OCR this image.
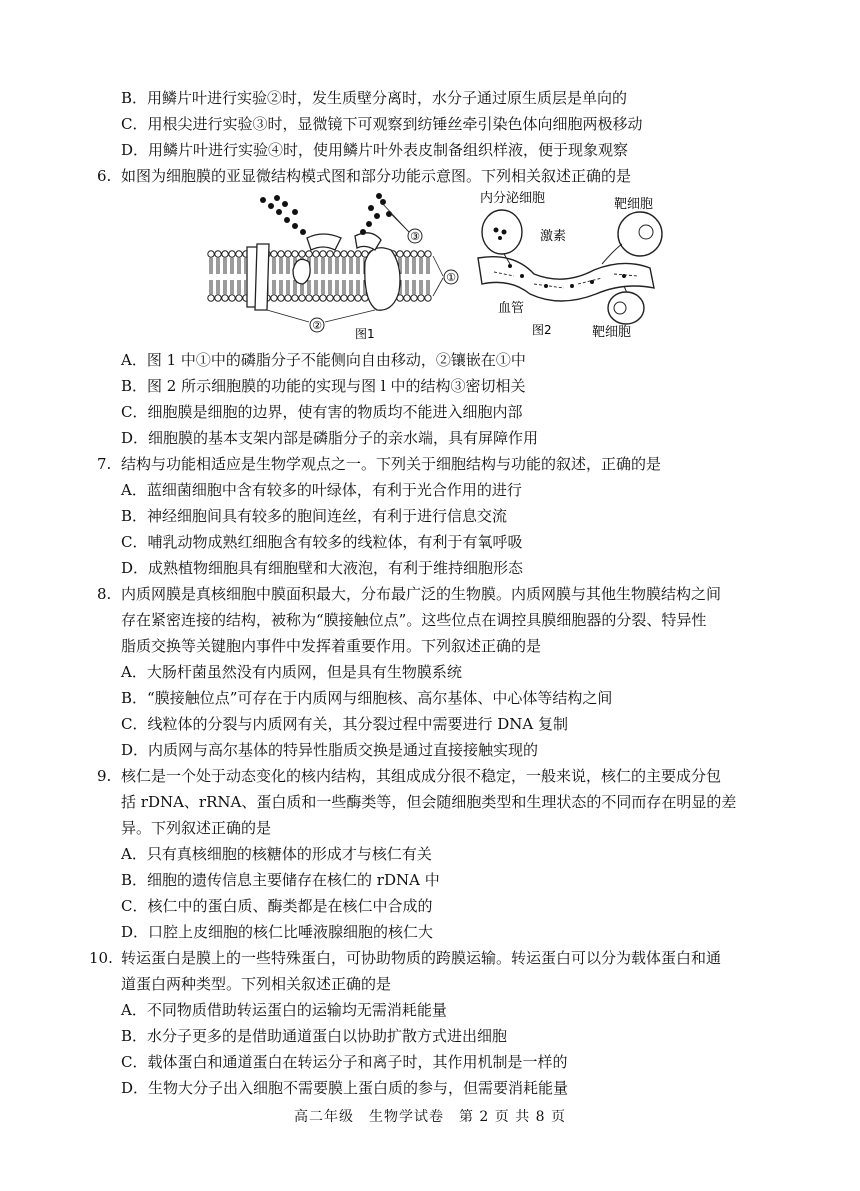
B．用鳞片叶进行实验②时，发生质壁分离时，水分子通过原生质层是单向的
C．用根尖进行实验③时，显微镜下可观察到纺锤丝牵引染色体向细胞两极移动
D．用鳞片叶进行实验④时，使用鳞片叶外表皮制备组织样液，便于现象观察
6. 如图为细胞膜的亚显微结构模式图和部分功能示意图。下列相关叙述正确的是
③
①
②
图1
内分泌细胞	靶细胞
激素
血管
图2	靶细胞
A．图 1 中①中的磷脂分子不能侧向自由移动，②镶嵌在①中
B．图 2 所示细胞膜的功能的实现与图 l 中的结构③密切相关
C．细胞膜是细胞的边界，使有害的物质均不能进入细胞内部
D．细胞膜的基本支架内部是磷脂分子的亲水端，具有屏障作用
7. 结构与功能相适应是生物学观点之一。下列关于细胞结构与功能的叙述，正确的是
A．蓝细菌细胞中含有较多的叶绿体，有利于光合作用的进行
B．神经细胞间具有较多的胞间连丝，有利于进行信息交流
C．哺乳动物成熟红细胞含有较多的线粒体，有利于有氧呼吸
D．成熟植物细胞具有细胞壁和大液泡，有利于维持细胞形态
8. 内质网膜是真核细胞中膜面积最大，分布最广泛的生物膜。内质网膜与其他生物膜结构之间
存在紧密连接的结构，被称为“膜接触位点”。这些位点在调控具膜细胞器的分裂、特异性
脂质交换等关键胞内事件中发挥着重要作用。下列叙述正确的是
A．大肠杆菌虽然没有内质网，但是具有生物膜系统
B．“膜接触位点”可存在于内质网与细胞核、高尔基体、中心体等结构之间
C．线粒体的分裂与内质网有关，其分裂过程中需要进行 DNA 复制
D．内质网与高尔基体的特异性脂质交换是通过直接接触实现的
9. 核仁是一个处于动态变化的核内结构，其组成成分很不稳定，一般来说，核仁的主要成分包
括 rDNA、rRNA、蛋白质和一些酶类等，但会随细胞类型和生理状态的不同而存在明显的差
异。下列叙述正确的是
A．只有真核细胞的核糖体的形成才与核仁有关
B．细胞的遗传信息主要储存在核仁的 rDNA 中
C．核仁中的蛋白质、酶类都是在核仁中合成的
D．口腔上皮细胞的核仁比唾液腺细胞的核仁大
10. 转运蛋白是膜上的一些特殊蛋白，可协助物质的跨膜运输。转运蛋白可以分为载体蛋白和通
道蛋白两种类型。下列相关叙述正确的是
A．不同物质借助转运蛋白的运输均无需消耗能量
B．水分子更多的是借助通道蛋白以协助扩散方式进出细胞
C．载体蛋白和通道蛋白在转运分子和离子时，其作用机制是一样的
D．生物大分子出入细胞不需要膜上蛋白质的参与，但需要消耗能量
高二年级　生物学试卷　第 2 页 共 8 页
